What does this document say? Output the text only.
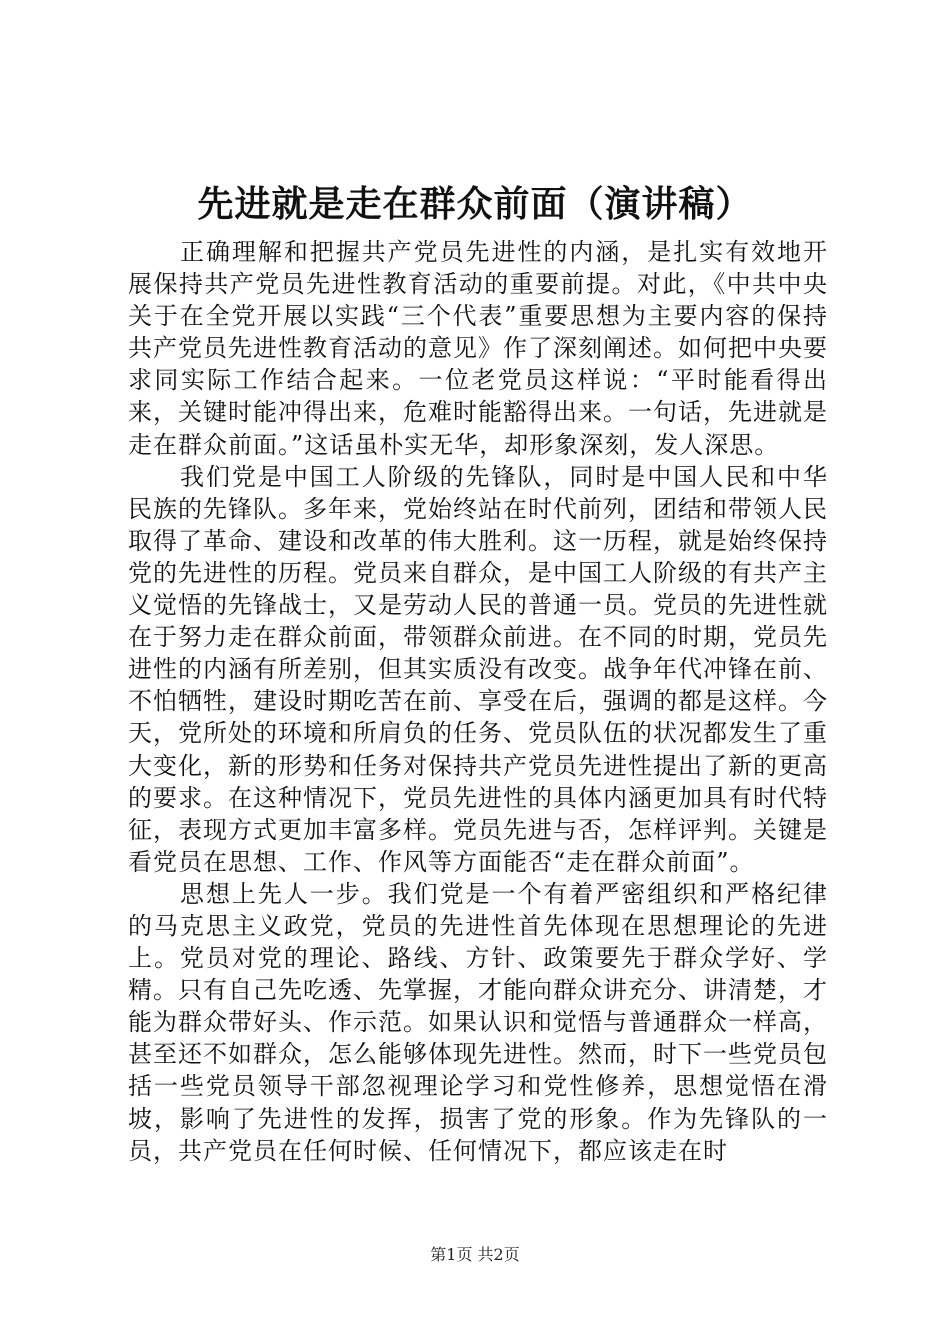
先进就是走在群众前面（演讲稿）

正确理解和把握共产党员先进性的内涵，是扎实有效地开展保持共产党员先进性教育活动的重要前提。对此，《中共中央关于在全党开展以实践“三个代表”重要思想为主要内容的保持共产党员先进性教育活动的意见》作了深刻阐述。如何把中央要求同实际工作结合起来。一位老党员这样说：“平时能看得出来，关键时能冲得出来，危难时能豁得出来。一句话，先进就是走在群众前面。”这话虽朴实无华，却形象深刻，发人深思。

我们党是中国工人阶级的先锋队，同时是中国人民和中华民族的先锋队。多年来，党始终站在时代前列，团结和带领人民取得了革命、建设和改革的伟大胜利。这一历程，就是始终保持党的先进性的历程。党员来自群众，是中国工人阶级的有共产主义觉悟的先锋战士，又是劳动人民的普通一员。党员的先进性就在于努力走在群众前面，带领群众前进。在不同的时期，党员先进性的内涵有所差别，但其实质没有改变。战争年代冲锋在前、不怕牺牲，建设时期吃苦在前、享受在后，强调的都是这样。今天，党所处的环境和所肩负的任务、党员队伍的状况都发生了重大变化，新的形势和任务对保持共产党员先进性提出了新的更高的要求。在这种情况下，党员先进性的具体内涵更加具有时代特征，表现方式更加丰富多样。党员先进与否，怎样评判。关键是看党员在思想、工作、作风等方面能否“走在群众前面”。

思想上先人一步。我们党是一个有着严密组织和严格纪律的马克思主义政党，党员的先进性首先体现在思想理论的先进上。党员对党的理论、路线、方针、政策要先于群众学好、学精。只有自己先吃透、先掌握，才能向群众讲充分、讲清楚，才能为群众带好头、作示范。如果认识和觉悟与普通群众一样高，甚至还不如群众，怎么能够体现先进性。然而，时下一些党员包括一些党员领导干部忽视理论学习和党性修养，思想觉悟在滑坡，影响了先进性的发挥，损害了党的形象。作为先锋队的一员，共产党员在任何时候、任何情况下，都应该走在时

第1页 共2页
